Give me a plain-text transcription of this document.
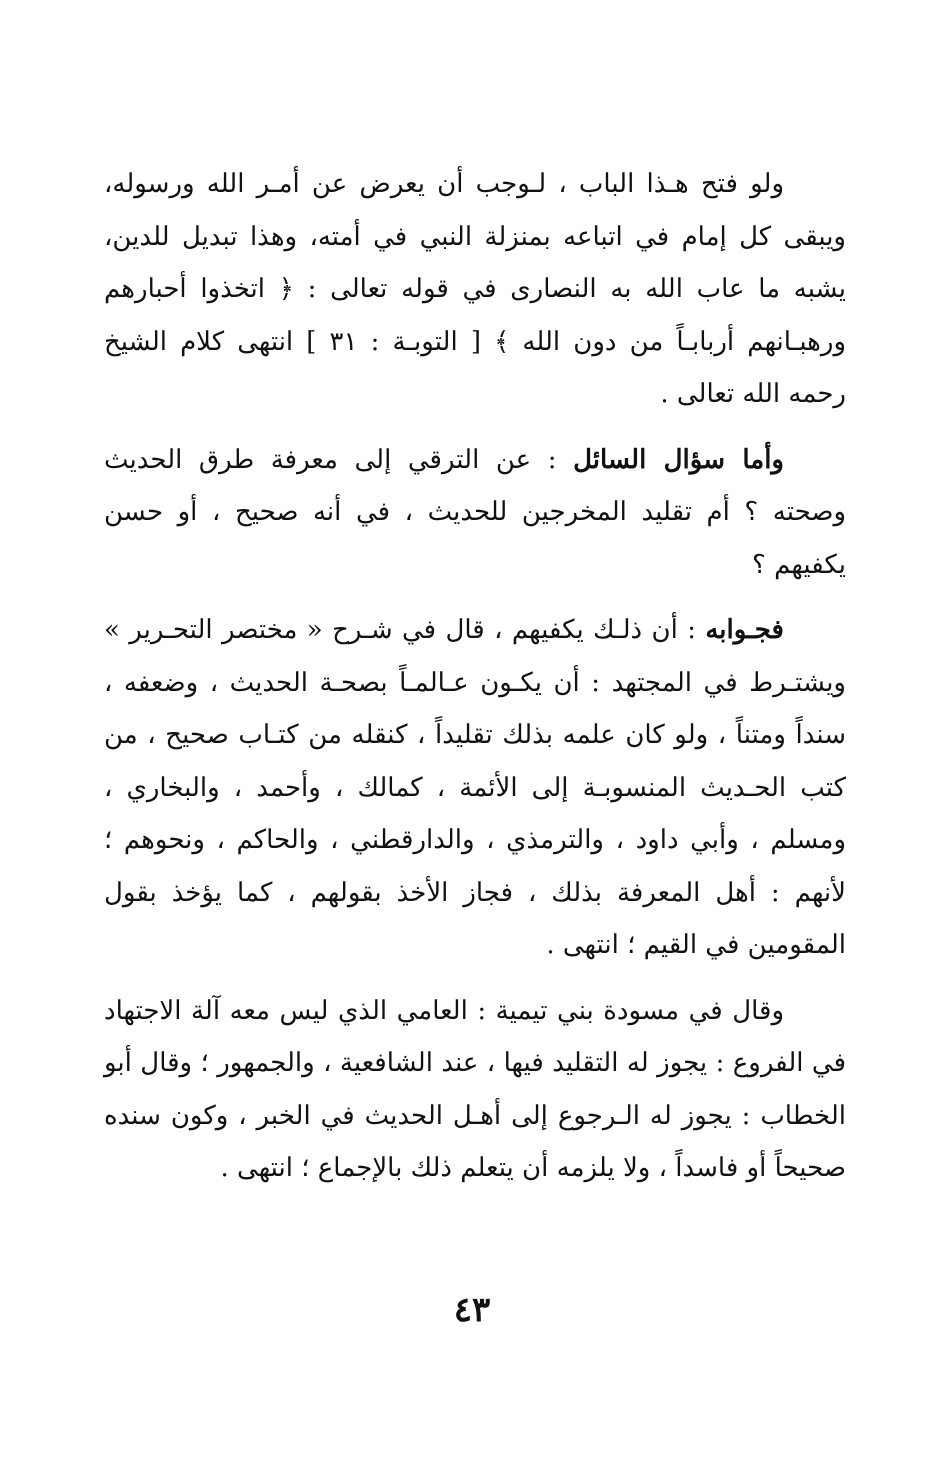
ولو فتح هـذا الباب ، لـوجب أن يعرض عن أمـر الله ورسوله، ويبقى كل إمام في اتباعه بمنزلة النبي في أمته، وهذا تبديل للدين، يشبه ما عاب الله به النصارى في قوله تعالى : ﴿ اتخذوا أحبارهم ورهبـانهم أربابـاً من دون الله ﴾ [ التوبـة : ٣١ ] انتهى كلام الشيخ رحمه الله تعالى .

وأما سؤال السائل : عن الترقي إلى معرفة طرق الحديث وصحته ؟ أم تقليد المخرجين للحديث ، في أنه صحيح ، أو حسن يكفيهم ؟

فجـوابه : أن ذلـك يكفيهم ، قال في شـرح « مختصر التحـرير » ويشتـرط في المجتهد : أن يكـون عـالمـاً بصحـة الحديث ، وضعفه ، سنداً ومتناً ، ولو كان علمه بذلك تقليداً ، كنقله من كتـاب صحيح ، من كتب الحـديث المنسوبـة إلى الأئمة ، كمالك ، وأحمد ، والبخاري ، ومسلم ، وأبي داود ، والترمذي ، والدارقطني ، والحاكم ، ونحوهم ؛ لأنهم : أهل المعرفة بذلك ، فجاز الأخذ بقولهم ، كما يؤخذ بقول المقومين في القيم ؛ انتهى .

وقال في مسودة بني تيمية : العامي الذي ليس معه آلة الاجتهاد في الفروع : يجوز له التقليد فيها ، عند الشافعية ، والجمهور ؛ وقال أبو الخطاب : يجوز له الـرجوع إلى أهـل الحديث في الخبر ، وكون سنده صحيحاً أو فاسداً ، ولا يلزمه أن يتعلم ذلك بالإجماع ؛ انتهى .

٤٣
